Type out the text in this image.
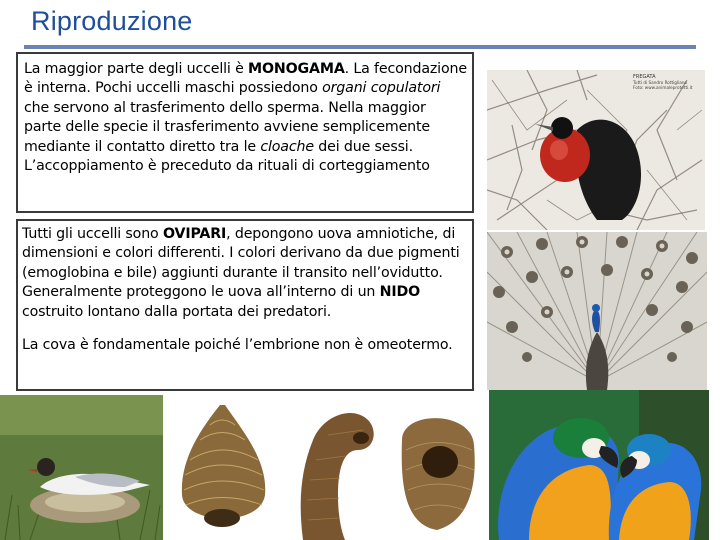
Riproduzione

La maggior parte degli uccelli è MONOGAMA. La fecondazione è interna. Pochi uccelli maschi possiedono organi copulatori che servono al trasferimento dello sperma. Nella maggior parte delle specie il trasferimento avviene semplicemente mediante il contatto diretto tra le cloache dei due sessi. L’accoppiamento è preceduto da rituali di corteggiamento

Tutti gli uccelli sono OVIPARI, depongono uova amniotiche, di dimensioni e colori differenti. I colori derivano da due pigmenti (emoglobina e bile) aggiunti durante il transito nell’ovidutto. Generalmente proteggono le uova all’interno di un NIDO costruito lontano dalla portata dei predatori.

La cova è fondamentale poiché l’embrione non è omeotermo.

FREGATA
Tutti di Sandro Rottigliano
Foto: www.animaleprotetti.it
